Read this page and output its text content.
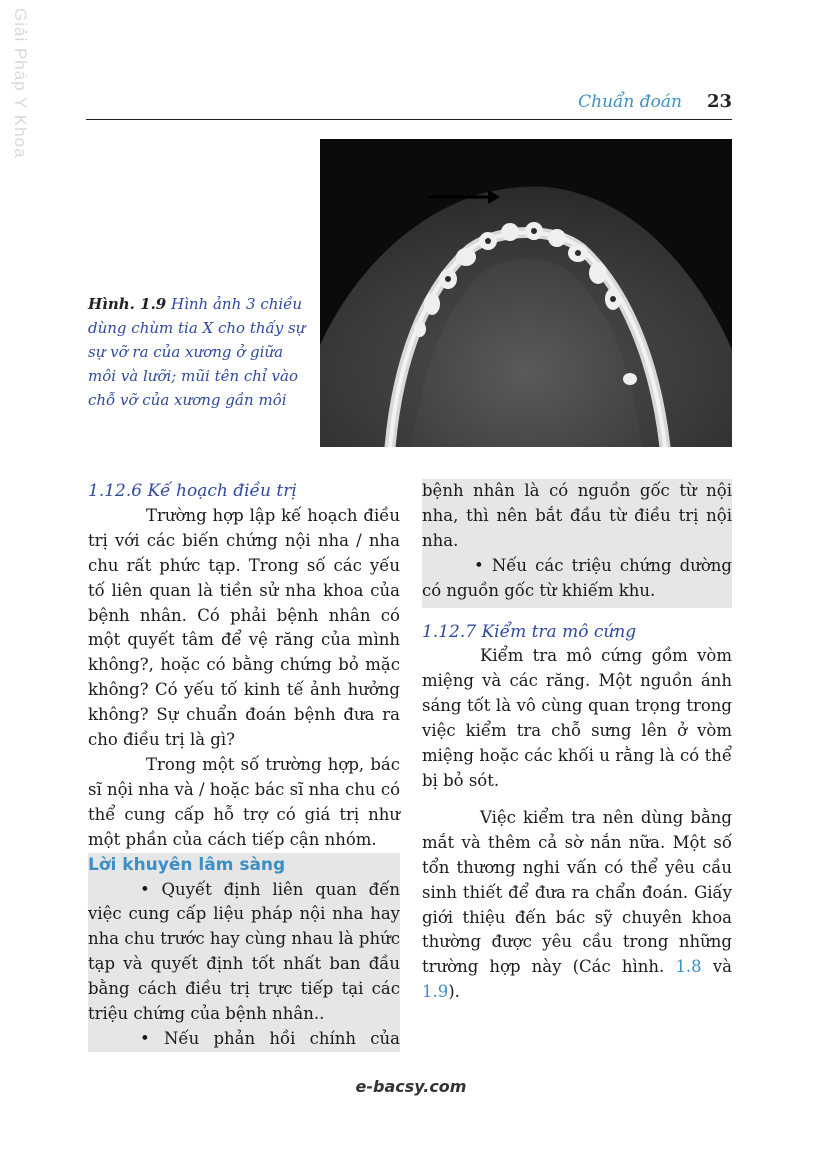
Giải Pháp Y Khoa	Chuẩn đoán 23
Hình. 1.9 Hình ảnh 3 chiều dùng chùm tia X cho thấy sự sự vỡ ra của xương ở giữa môi và lưỡi; mũi tên chỉ vào chỗ vỡ của xương gần môi

1.12.6 Kế hoạch điều trị

Trường hợp lập kế hoạch điều trị với các biến chứng nội nha / nha chu rất phức tạp. Trong số các yếu tố liên quan là tiền sử nha khoa của bệnh nhân. Có phải bệnh nhân có một quyết tâm để vệ răng của mình không?, hoặc có bằng chứng bỏ mặc không? Có yếu tố kinh tế ảnh hưởng không? Sự chuẩn đoán bệnh đưa ra cho điều trị là gì?

Trong một số trường hợp, bác sĩ nội nha và / hoặc bác sĩ nha chu có thể cung cấp hỗ trợ có giá trị như một phần của cách tiếp cận nhóm.

Lời khuyên lâm sàng

• Quyết định liên quan đến việc cung cấp liệu pháp nội nha hay nha chu trước hay cùng nhau là phức tạp và quyết định tốt nhất ban đầu bằng cách điều trị trực tiếp tại các triệu chứng của bệnh nhân..

• Nếu phản hồi chính của

bệnh nhân là có nguồn gốc từ nội nha, thì nên bắt đầu từ điều trị nội nha.

• Nếu các triệu chứng dường có nguồn gốc từ khiếm khu.

1.12.7 Kiểm tra mô cứng

Kiểm tra mô cứng gồm vòm miệng và các răng. Một nguồn ánh sáng tốt là vô cùng quan trọng trong việc kiểm tra chỗ sưng lên ở vòm miệng hoặc các khối u rằng là có thể bị bỏ sót.

Việc kiểm tra nên dùng bằng mắt và thêm cả sờ nắn nữa. Một số tổn thương nghi vấn có thể yêu cầu sinh thiết để đưa ra chẩn đoán. Giấy giới thiệu đến bác sỹ chuyên khoa thường được yêu cầu trong những trường hợp này (Các hình. 1.8 và 1.9).

e-bacsy.com
